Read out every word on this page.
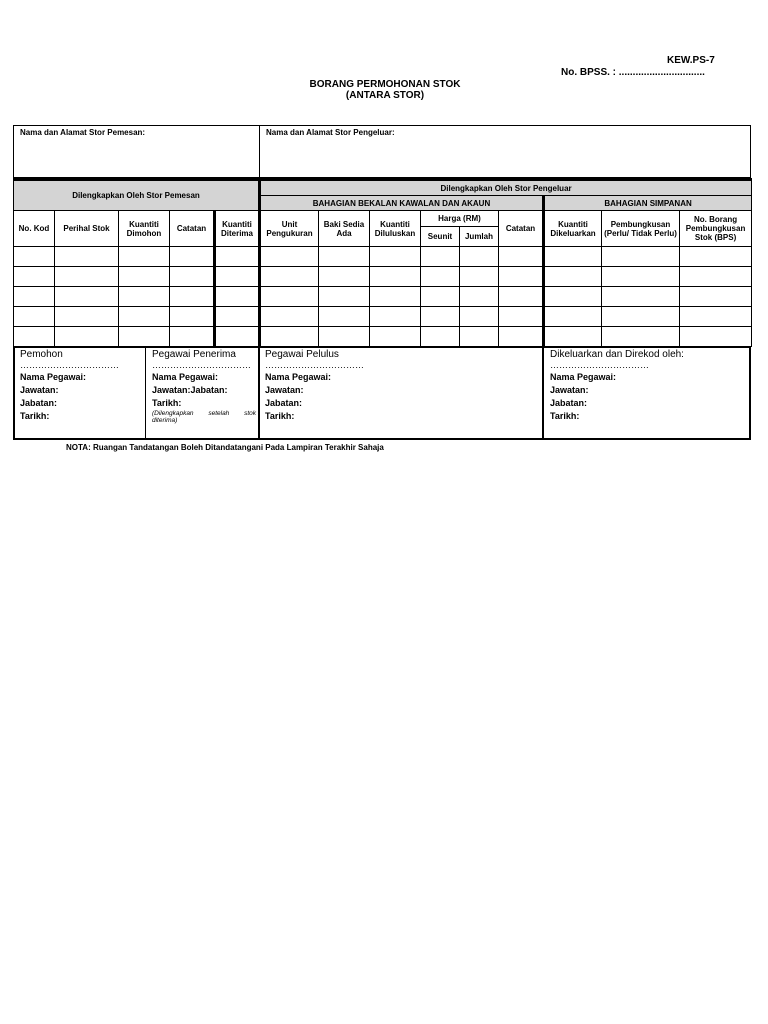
KEW.PS-7
No. BPSS. : ...............................
BORANG PERMOHONAN STOK
(ANTARA STOR)
Nama dan Alamat Stor Pemesan:	Nama dan Alamat Stor Pengeluar:
Dilengkapkan Oleh Stor Pemesan					Dilengkapkan Oleh Stor Pengeluar								
					BAHAGIAN BEKALAN KAWALAN DAN AKAUN						BAHAGIAN SIMPANAN		
No. Kod	Perihal Stok	Kuantiti Dimohon	Catatan	Kuantiti Diterima	Unit Pengukuran	Baki Sedia Ada	Kuantiti Diluluskan	Harga (RM)		Catatan	Kuantiti Dikeluarkan	Pembungkusan (Perlu/ Tidak Perlu)	No. Borang Pembungkusan Stok (BPS)
								Seunit	Jumlah				

Pemohon
……………………………
Nama Pegawai:
Jawatan:
Jabatan:
Tarikh:
Pegawai Penerima
……………………………
Nama Pegawai:
Jawatan:Jabatan:
Tarikh:
(Dilengkapkan setelah stok diterima)
Pegawai Pelulus
……………………………
Nama Pegawai:
Jawatan:
Jabatan:
Tarikh:
Dikeluarkan dan Direkod oleh:
……………………………
Nama Pegawai:
Jawatan:
Jabatan:
Tarikh:
NOTA: Ruangan Tandatangan Boleh Ditandatangani Pada Lampiran Terakhir Sahaja
